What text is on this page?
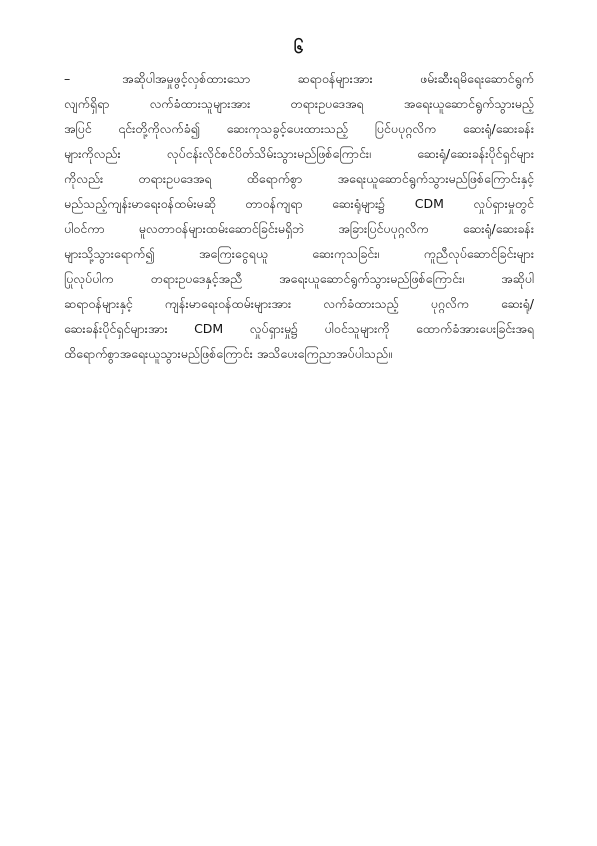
၆
–	အဆိုပါအမှုဖွင့်လှစ်ထားသော ဆရာဝန်များအား ဖမ်းဆီးရမိရေးဆောင်ရွက်
လျက်ရှိရာ လက်ခံထားသူများအား တရားဥပဒေအရ အရေးယူဆောင်ရွက်သွားမည့်
အပြင် ၎င်းတို့ကိုလက်ခံ၍ ဆေးကုသခွင့်ပေးထားသည့် ပြင်ပပုဂ္ဂလိက ဆေးရုံ/ဆေးခန်း
များကိုလည်း လုပ်ငန်းလိုင်စင်ပိတ်သိမ်းသွားမည်ဖြစ်ကြောင်း၊ ဆေးရုံ/ဆေးခန်းပိုင်ရှင်များ
ကိုလည်း တရားဥပဒေအရ ထိရောက်စွာ အရေးယူဆောင်ရွက်သွားမည်ဖြစ်ကြောင်းနှင့်
မည်သည့်ကျန်းမာရေးဝန်ထမ်းမဆို တာဝန်ကျရာ ဆေးရုံများ၌ CDM လှုပ်ရှားမှုတွင်
ပါဝင်ကာ မူလတာဝန်များထမ်းဆောင်ခြင်းမရှိဘဲ အခြားပြင်ပပုဂ္ဂလိက ဆေးရုံ/ဆေးခန်း
များသို့သွားရောက်၍ အကြေးငွေရယူ ဆေးကုသခြင်း၊ ကူညီလုပ်ဆောင်ခြင်းများ
ပြုလုပ်ပါက တရားဥပဒေနှင့်အညီ အရေးယူဆောင်ရွက်သွားမည်ဖြစ်ကြောင်း၊ အဆိုပါ
ဆရာဝန်များနှင့် ကျန်းမာရေးဝန်ထမ်းများအား လက်ခံထားသည့် ပုဂ္ဂလိက ဆေးရုံ/
ဆေးခန်းပိုင်ရှင်များအား CDM လှုပ်ရှားမှု၌ ပါဝင်သူများကို ထောက်ခံအားပေးခြင်းအရ
ထိရောက်စွာအရေးယူသွားမည်ဖြစ်ကြောင်း အသိပေးကြေညာအပ်ပါသည်။
